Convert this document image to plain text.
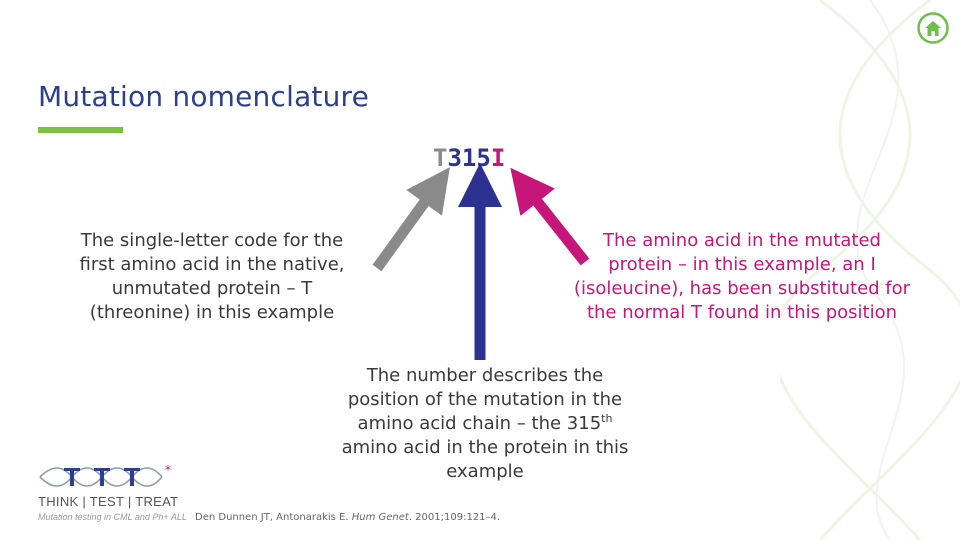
Mutation nomenclature
T315I
The single-letter code for the first amino acid in the native, unmutated protein – T (threonine) in this example
The amino acid in the mutated protein – in this example, an I (isoleucine), has been substituted for the normal T found in this position
The number describes the position of the mutation in the amino acid chain – the 315th amino acid in the protein in this example
Den Dunnen JT, Antonarakis E. Hum Genet. 2001;109:121–4.
*
THINK | TEST | TREAT
Mutation testing in CML and Ph+ ALL
